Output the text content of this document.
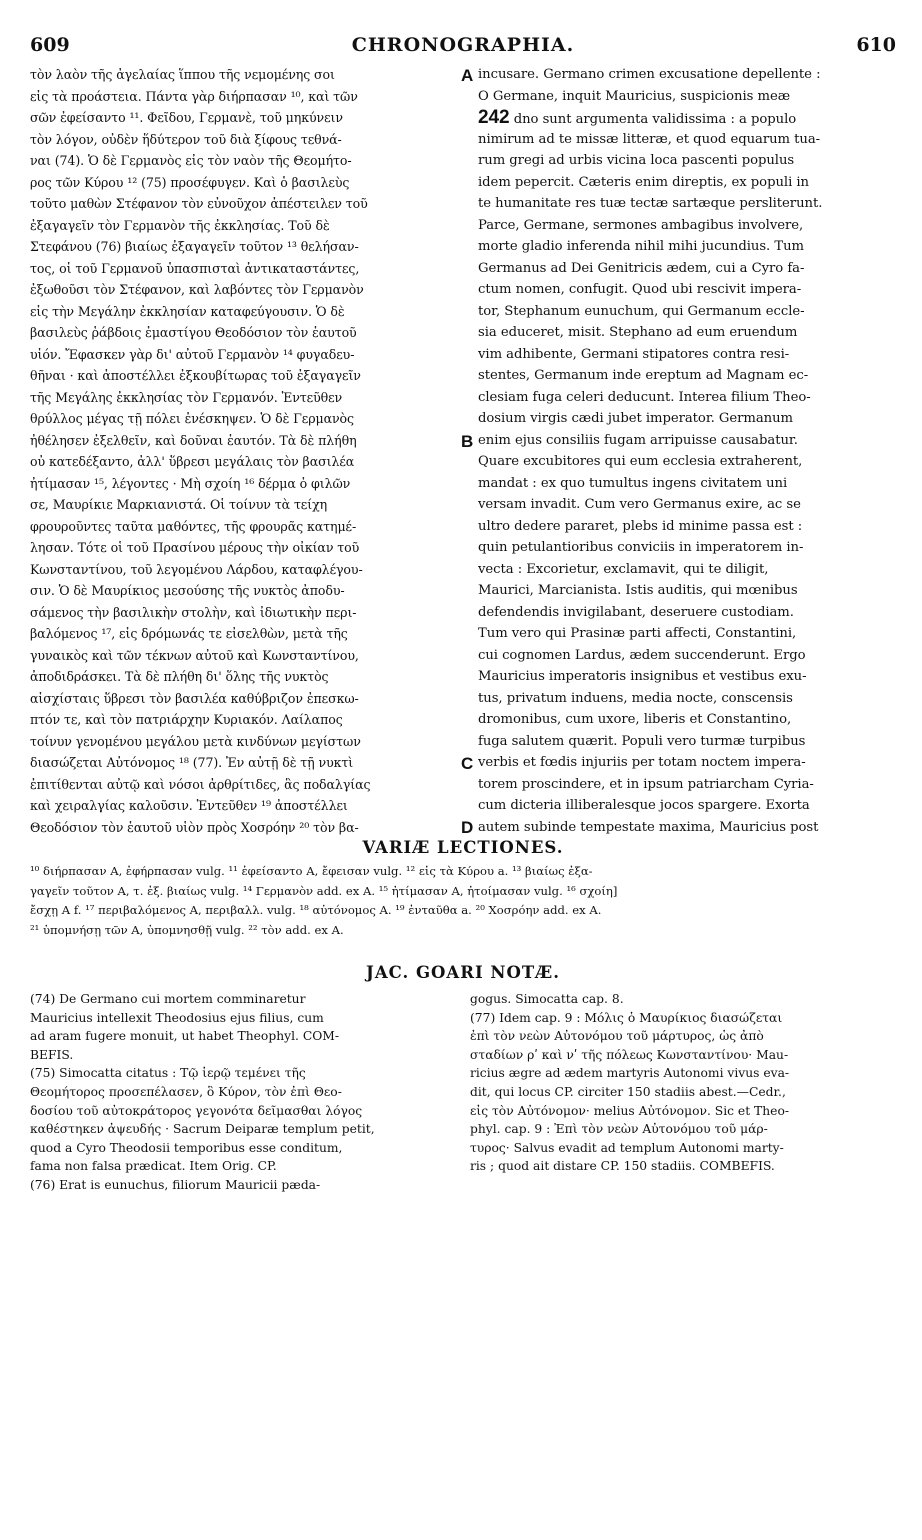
609	CHRONOGRAPHIA.	610
τὸν λαὸν τῆς ἀγελαίας ἵππου τῆς νεμομένης σοι
εἰς τὰ προάστεια. Πάντα γὰρ διήρπασαν ¹⁰, καὶ τῶν
σῶν ἐφείσαντο ¹¹. Φεῖδου, Γερμανὲ, τοῦ μηκύνειν
τὸν λόγον, οὐδὲν ἥδύτερον τοῦ διὰ ξίφους τεθνά-
ναι (74). Ὁ δὲ Γερμανὸς εἰς τὸν ναὸν τῆς Θεομήτο-
ρος τῶν Κύρου ¹² (75) προσέφυγεν. Καὶ ὁ βασιλεὺς
τοῦτο μαθὼν Στέφανον τὸν εὐνοῦχον ἀπέστειλεν τοῦ
ἐξαγαγεῖν τὸν Γερμανὸν τῆς ἐκκλησίας. Τοῦ δὲ
Στεφάνου (76) βιαίως ἐξαγαγεῖν τοῦτον ¹³ θελήσαν-
τος, οἱ τοῦ Γερμανοῦ ὑπασπισταὶ ἀντικαταστάντες,
ἐξωθοῦσι τὸν Στέφανον, καὶ λαβόντες τὸν Γερμανὸν
εἰς τὴν Μεγάλην ἐκκλησίαν καταφεύγουσιν. Ὁ δὲ
βασιλεὺς ῥάβδοις ἐμαστίγου Θεοδόσιον τὸν ἑαυτοῦ
υἱόν. Ἔφασκεν γὰρ δι' αὐτοῦ Γερμανὸν ¹⁴ φυγαδευ-
θῆναι · καὶ ἀποστέλλει ἐξκουβίτωρας τοῦ ἐξαγαγεῖν
τῆς Μεγάλης ἐκκλησίας τὸν Γερμανόν. Ἐντεῦθεν
θρύλλος μέγας τῇ πόλει ἐνέσκηψεν. Ὁ δὲ Γερμανὸς
ἠθέλησεν ἐξελθεῖν, καὶ δοῦναι ἑαυτόν. Τὰ δὲ πλήθη
οὐ κατεδέξαντο, ἀλλ' ὕβρεσι μεγάλαις τὸν βασιλέα
ἠτίμασαν ¹⁵, λέγοντες · Μὴ σχοίη ¹⁶ δέρμα ὁ φιλῶν
σε, Μαυρίκιε Μαρκιανιστά. Οἱ τοίνυν τὰ τείχη
φρουροῦντες ταῦτα μαθόντες, τῆς φρουρᾶς κατημέ-
λησαν. Τότε οἱ τοῦ Πρασίνου μέρους τὴν οἰκίαν τοῦ
Κωνσταντίνου, τοῦ λεγομένου Λάρδου, καταφλέγου-
σιν. Ὁ δὲ Μαυρίκιος μεσούσης τῆς νυκτὸς ἀποδυ-
σάμενος τὴν βασιλικὴν στολὴν, καὶ ἰδιωτικὴν περι-
βαλόμενος ¹⁷, εἰς δρόμωνάς τε εἰσελθὼν, μετὰ τῆς
γυναικὸς καὶ τῶν τέκνων αὐτοῦ καὶ Κωνσταντίνου,
ἀποδιδράσκει. Τὰ δὲ πλήθη δι' ὅλης τῆς νυκτὸς
αἰσχίσταις ὕβρεσι τὸν βασιλέα καθύβριζον ἐπεσκω-
πτόν τε, καὶ τὸν πατριάρχην Κυριακόν. Λαίλαπος
τοίνυν γενομένου μεγάλου μετὰ κινδύνων μεγίστων
διασώζεται Αὐτόνομος ¹⁸ (77). Ἐν αὐτῇ δὲ τῇ νυκτὶ
ἐπιτίθενται αὐτῷ καὶ νόσοι ἀρθρίτιδες, ἃς ποδαλγίας
καὶ χειραλγίας καλοῦσιν. Ἐντεῦθεν ¹⁹ ἀποστέλλει
Θεοδόσιον τὸν ἑαυτοῦ υἱὸν πρὸς Χοσρόην ²⁰ τὸν βα-
A
B
C
D
incusare. Germano crimen excusatione depellente :
O Germane, inquit Mauricius, suspicionis meæ
242 dno sunt argumenta validissima : a populo
nimirum ad te missæ litteræ, et quod equarum tua-
rum gregi ad urbis vicina loca pascenti populus
idem pepercit. Cæteris enim direptis, ex populi in
te humanitate res tuæ tectæ sartæque persliterunt.
Parce, Germane, sermones ambagibus involvere,
morte gladio inferenda nihil mihi jucundius. Tum
Germanus ad Dei Genitricis ædem, cui a Cyro fa-
ctum nomen, confugit. Quod ubi rescivit impera-
tor, Stephanum eunuchum, qui Germanum eccle-
sia educeret, misit. Stephano ad eum eruendum
vim adhibente, Germani stipatores contra resi-
stentes, Germanum inde ereptum ad Magnam ec-
clesiam fuga celeri deducunt. Interea filium Theo-
dosium virgis cædi jubet imperator. Germanum
enim ejus consiliis fugam arripuisse causabatur.
Quare excubitores qui eum ecclesia extraherent,
mandat : ex quo tumultus ingens civitatem uni
versam invadit. Cum vero Germanus exire, ac se
ultro dedere pararet, plebs id minime passa est :
quin petulantioribus conviciis in imperatorem in-
vecta : Excorietur, exclamavit, qui te diligit,
Maurici, Marcianista. Istis auditis, qui mœnibus
defendendis invigilabant, deseruere custodiam.
Tum vero qui Prasinæ parti affecti, Constantini,
cui cognomen Lardus, ædem succenderunt. Ergo
Mauricius imperatoris insignibus et vestibus exu-
tus, privatum induens, media nocte, conscensis
dromonibus, cum uxore, liberis et Constantino,
fuga salutem quærit. Populi vero turmæ turpibus
verbis et fœdis injuriis per totam noctem impera-
torem proscindere, et in ipsum patriarcham Cyria-
cum dicteria illiberalesque jocos spargere. Exorta
autem subinde tempestate maxima, Mauricius post
VARIÆ LECTIONES.
¹⁰ διήρπασαν A, ἐφήρπασαν vulg. ¹¹ ἐφείσαντο A, ἔφεισαν vulg. ¹² εἰς τὰ Κύρου a. ¹³ βιαίως ἐξα-
γαγεῖν τοῦτον A, τ. ἐξ. βιαίως vulg. ¹⁴ Γερμανὸν add. ex A. ¹⁵ ἠτίμασαν A, ἠτοίμασαν vulg. ¹⁶ σχοίη]
ἔσχῃ A f. ¹⁷ περιβαλόμενος A, περιβαλλ. vulg. ¹⁸ αὐτόνομος A. ¹⁹ ἐνταῦθα a. ²⁰ Χοσρόην add. ex A.
²¹ ὑπομνήσῃ τῶν A, ὑπομνησθῇ vulg. ²² τὸν add. ex A.
JAC. GOARI NOTÆ.
(74) De Germano cui mortem comminaretur
Mauricius intellexit Theodosius ejus filius, cum
ad aram fugere monuit, ut habet Theophyl. COM-
BEFIS.
(75) Simocatta citatus : Τῷ ἱερῷ τεμένει τῆς
Θεομήτορος προσεπέλασεν, ὃ Κύρον, τὸν ἐπὶ Θεο-
δοσίου τοῦ αὐτοκράτορος γεγονότα δεῖμασθαι λόγος
καθέστηκεν ἀψευδής · Sacrum Deiparæ templum petit,
quod a Cyro Theodosii temporibus esse conditum,
fama non falsa prædicat. Item Orig. CP.
(76) Erat is eunuchus, filiorum Mauricii pæda-
gogus. Simocatta cap. 8.
(77) Idem cap. 9 : Μόλις ὁ Μαυρίκιος διασώζεται
ἐπὶ τὸν νεὼν Αὐτονόμου τοῦ μάρτυρος, ὡς ἀπὸ
σταδίων ρʹ καὶ νʹ τῆς πόλεως Κωνσταντίνου· Mau-
ricius ægre ad ædem martyris Autonomi vivus eva-
dit, qui locus CP. circiter 150 stadiis abest.—Cedr.,
εἰς τὸν Αὐτόνομον· melius Αὐτόνομον. Sic et Theo-
phyl. cap. 9 : Ἐπὶ τὸν νεὼν Αὐτονόμου τοῦ μάρ-
τυρος· Salvus evadit ad templum Autonomi marty-
ris ; quod ait distare CP. 150 stadiis. COMBEFIS.
